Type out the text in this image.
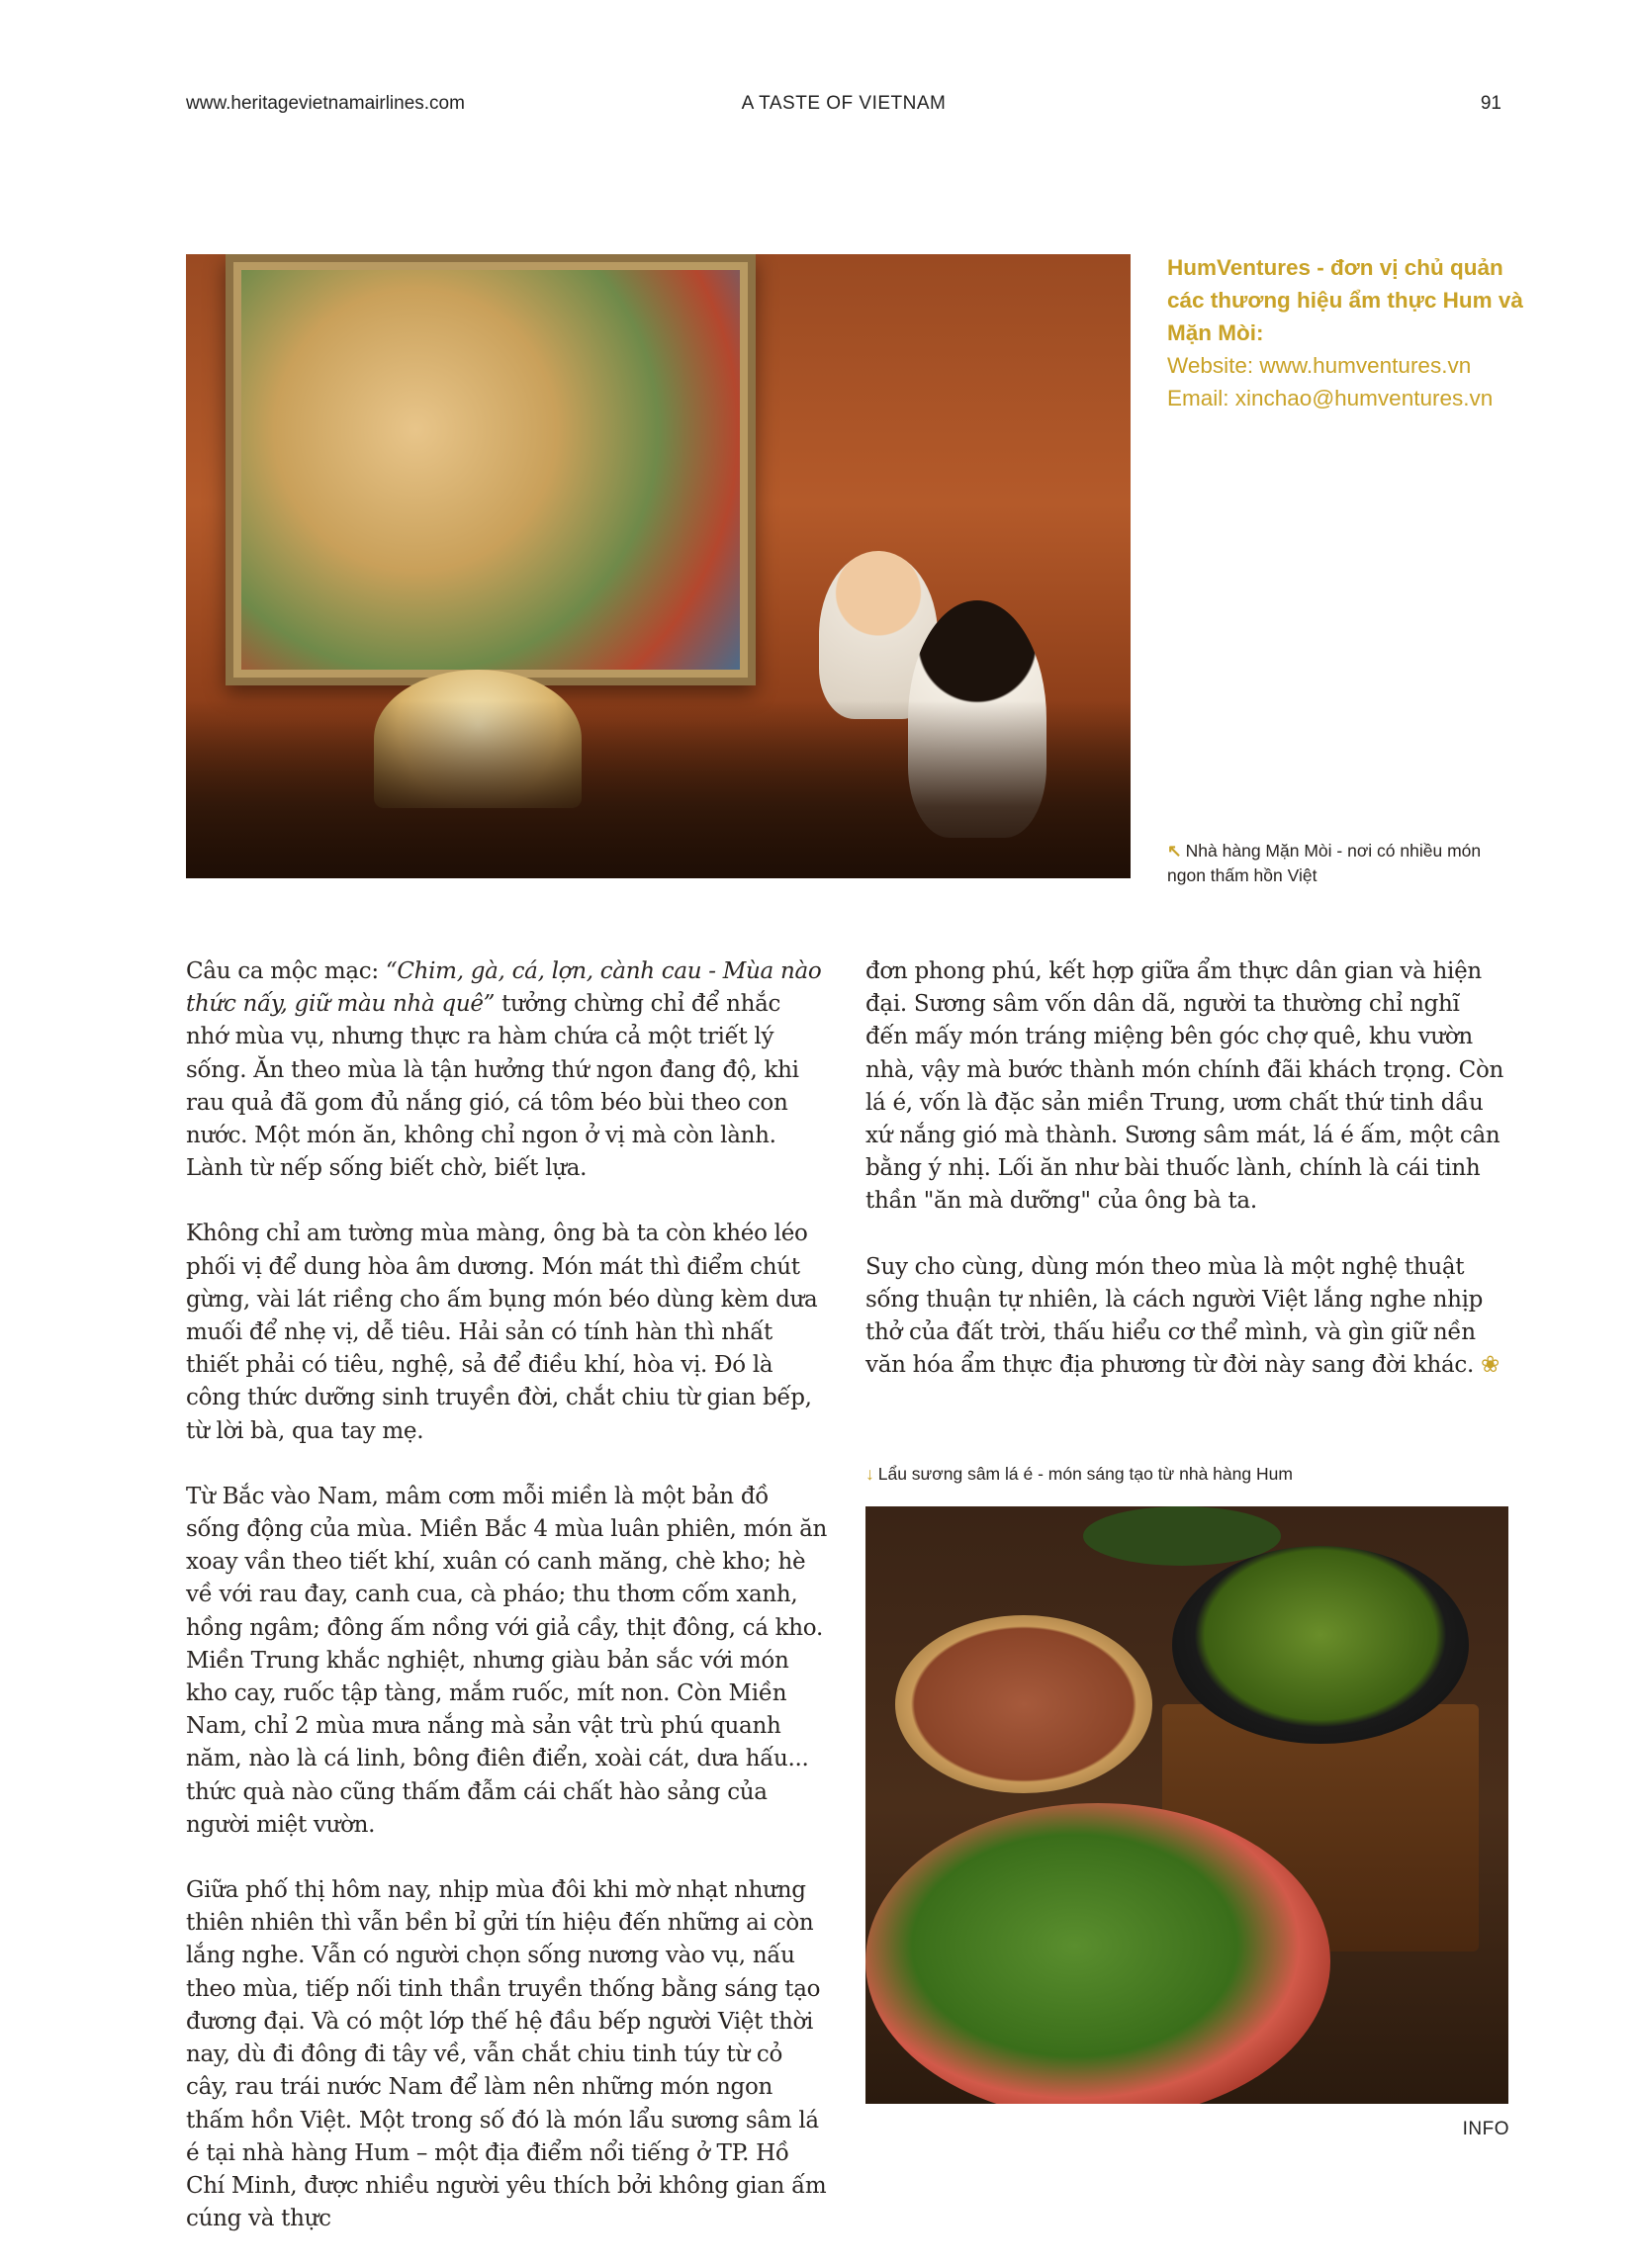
www.heritagevietnamairlines.com	A TASTE OF VIETNAM	91
HumVentures - đơn vị chủ quản các thương hiệu ẩm thực Hum và Mặn Mòi:
Website: www.humventures.vn
Email: xinchao@humventures.vn
↖ Nhà hàng Mặn Mòi - nơi có nhiều món ngon thấm hồn Việt

Câu ca mộc mạc: “Chim, gà, cá, lợn, cành cau - Mùa nào thức nấy, giữ màu nhà quê” tưởng chừng chỉ để nhắc nhớ mùa vụ, nhưng thực ra hàm chứa cả một triết lý sống. Ăn theo mùa là tận hưởng thứ ngon đang độ, khi rau quả đã gom đủ nắng gió, cá tôm béo bùi theo con nước. Một món ăn, không chỉ ngon ở vị mà còn lành. Lành từ nếp sống biết chờ, biết lựa.

Không chỉ am tường mùa màng, ông bà ta còn khéo léo phối vị để dung hòa âm dương. Món mát thì điểm chút gừng, vài lát riềng cho ấm bụng món béo dùng kèm dưa muối để nhẹ vị, dễ tiêu. Hải sản có tính hàn thì nhất thiết phải có tiêu, nghệ, sả để điều khí, hòa vị. Đó là công thức dưỡng sinh truyền đời, chắt chiu từ gian bếp, từ lời bà, qua tay mẹ.

Từ Bắc vào Nam, mâm cơm mỗi miền là một bản đồ sống động của mùa. Miền Bắc 4 mùa luân phiên, món ăn xoay vần theo tiết khí, xuân có canh măng, chè kho; hè về với rau đay, canh cua, cà pháo; thu thơm cốm xanh, hồng ngâm; đông ấm nồng với giả cầy, thịt đông, cá kho. Miền Trung khắc nghiệt, nhưng giàu bản sắc với món kho cay, ruốc tập tàng, mắm ruốc, mít non. Còn Miền Nam, chỉ 2 mùa mưa nắng mà sản vật trù phú quanh năm, nào là cá linh, bông điên điển, xoài cát, dưa hấu... thức quà nào cũng thấm đẫm cái chất hào sảng của người miệt vườn.

Giữa phố thị hôm nay, nhịp mùa đôi khi mờ nhạt nhưng thiên nhiên thì vẫn bền bỉ gửi tín hiệu đến những ai còn lắng nghe. Vẫn có người chọn sống nương vào vụ, nấu theo mùa, tiếp nối tinh thần truyền thống bằng sáng tạo đương đại. Và có một lớp thế hệ đầu bếp người Việt thời nay, dù đi đông đi tây về, vẫn chắt chiu tinh túy từ cỏ cây, rau trái nước Nam để làm nên những món ngon thấm hồn Việt. Một trong số đó là món lẩu sương sâm lá é tại nhà hàng Hum – một địa điểm nổi tiếng ở TP. Hồ Chí Minh, được nhiều người yêu thích bởi không gian ấm cúng và thực

đơn phong phú, kết hợp giữa ẩm thực dân gian và hiện đại. Sương sâm vốn dân dã, người ta thường chỉ nghĩ đến mấy món tráng miệng bên góc chợ quê, khu vườn nhà, vậy mà bước thành món chính đãi khách trọng. Còn lá é, vốn là đặc sản miền Trung, ươm chất thứ tinh dầu xứ nắng gió mà thành. Sương sâm mát, lá é ấm, một cân bằng ý nhị. Lối ăn như bài thuốc lành, chính là cái tinh thần "ăn mà dưỡng" của ông bà ta.

Suy cho cùng, dùng món theo mùa là một nghệ thuật sống thuận tự nhiên, là cách người Việt lắng nghe nhịp thở của đất trời, thấu hiểu cơ thể mình, và gìn giữ nền văn hóa ẩm thực địa phương từ đời này sang đời khác. ❀

↓ Lẩu sương sâm lá é - món sáng tạo từ nhà hàng Hum
INFO
